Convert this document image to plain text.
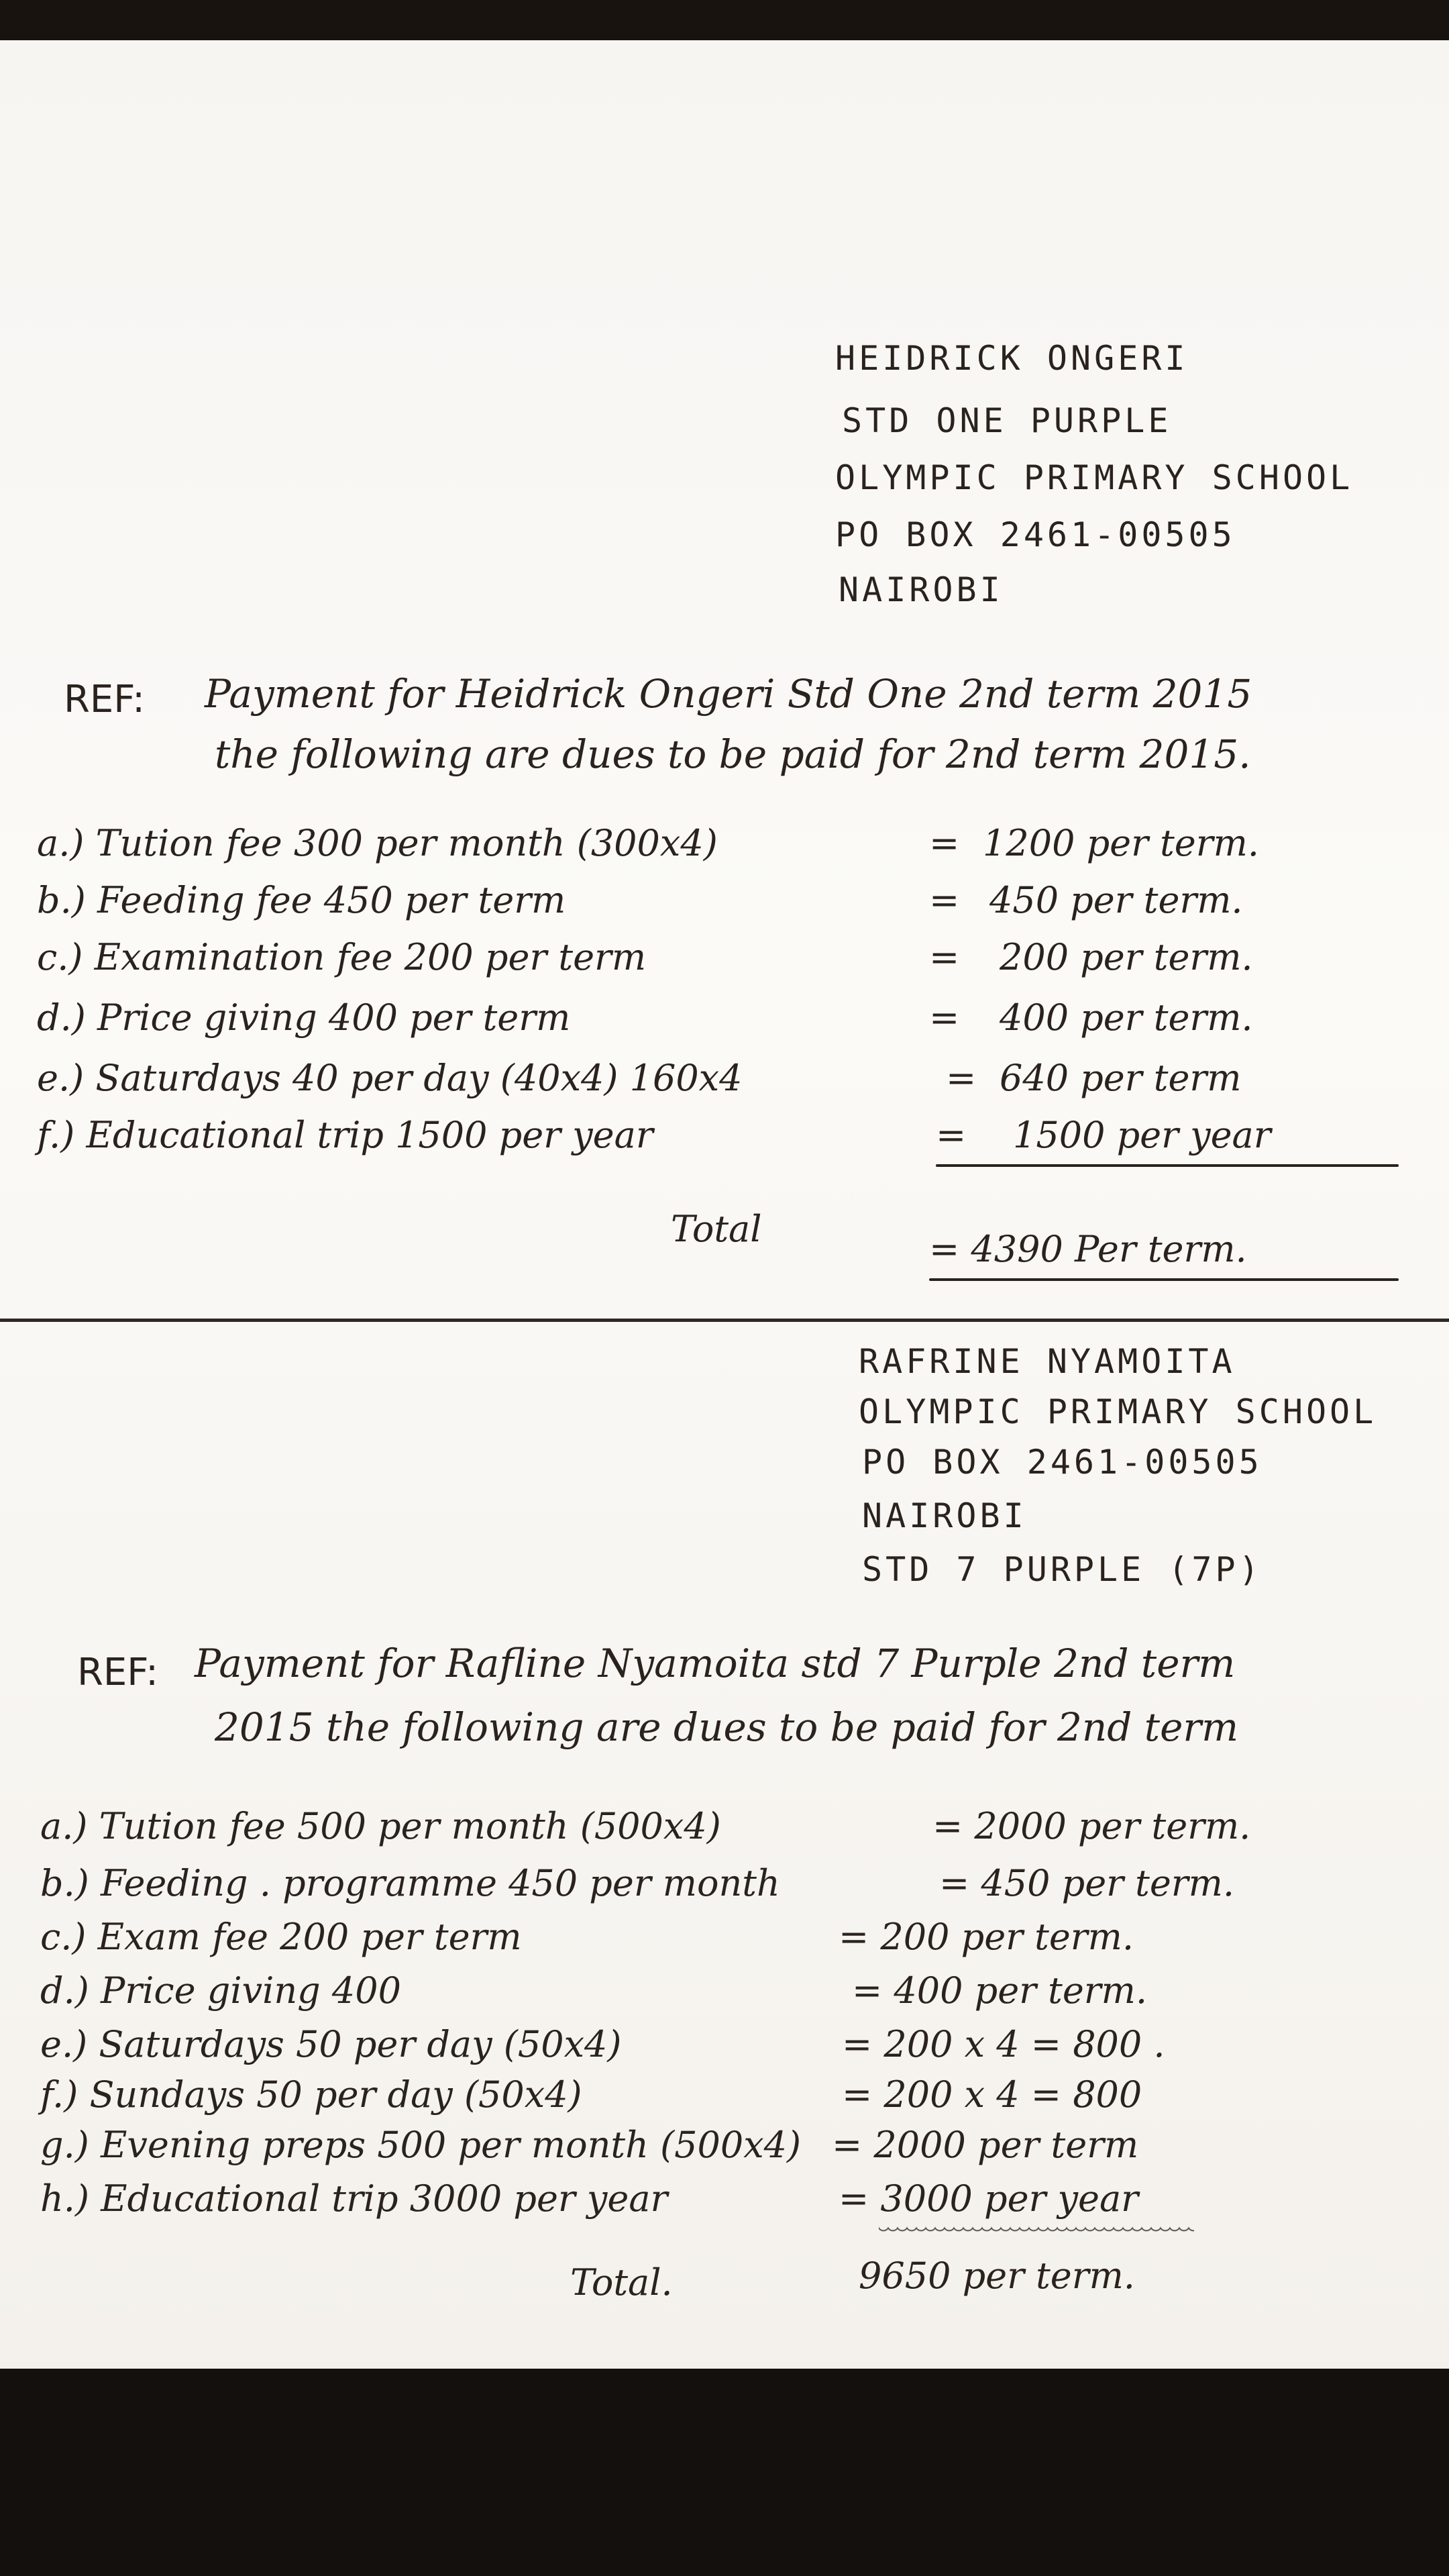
HEIDRICK ONGERI
STD ONE PURPLE
OLYMPIC PRIMARY SCHOOL
PO BOX 2461-00505
NAIROBI
REF: Payment for Heidrick Ongeri Std One 2nd term 2015
the following are dues to be paid for 2nd term 2015.
a.) Tution fee 300 per month (300x4)	= 1200 per term.
b.) Feeding fee 450 per term	= 450 per term.
c.) Examination fee 200 per term	= 200 per term.
d.) Price giving 400 per term	= 400 per term.
e.) Saturdays 40 per day (40x4) 160x4	= 640 per term
f.) Educational trip 1500 per year	= 1500 per year
Total	= 4390 Per term.
RAFRINE NYAMOITA
OLYMPIC PRIMARY SCHOOL
PO BOX 2461-00505
NAIROBI
STD 7 PURPLE (7P)
REF: Payment for Rafline Nyamoita std 7 Purple 2nd term
2015 the following are dues to be paid for 2nd term
a.) Tution fee 500 per month (500x4)	= 2000 per term.
b.) Feeding . programme 450 per month	= 450 per term.
c.) Exam fee 200 per term	= 200 per term.
d.) Price giving 400	= 400 per term.
e.) Saturdays 50 per day (50x4)	= 200 x 4 = 800 .
f.) Sundays 50 per day (50x4)	= 200 x 4 = 800
g.) Evening preps 500 per month (500x4) = 2000 per term
h.) Educational trip 3000 per year	= 3000 per year
Total.	9650 per term.
